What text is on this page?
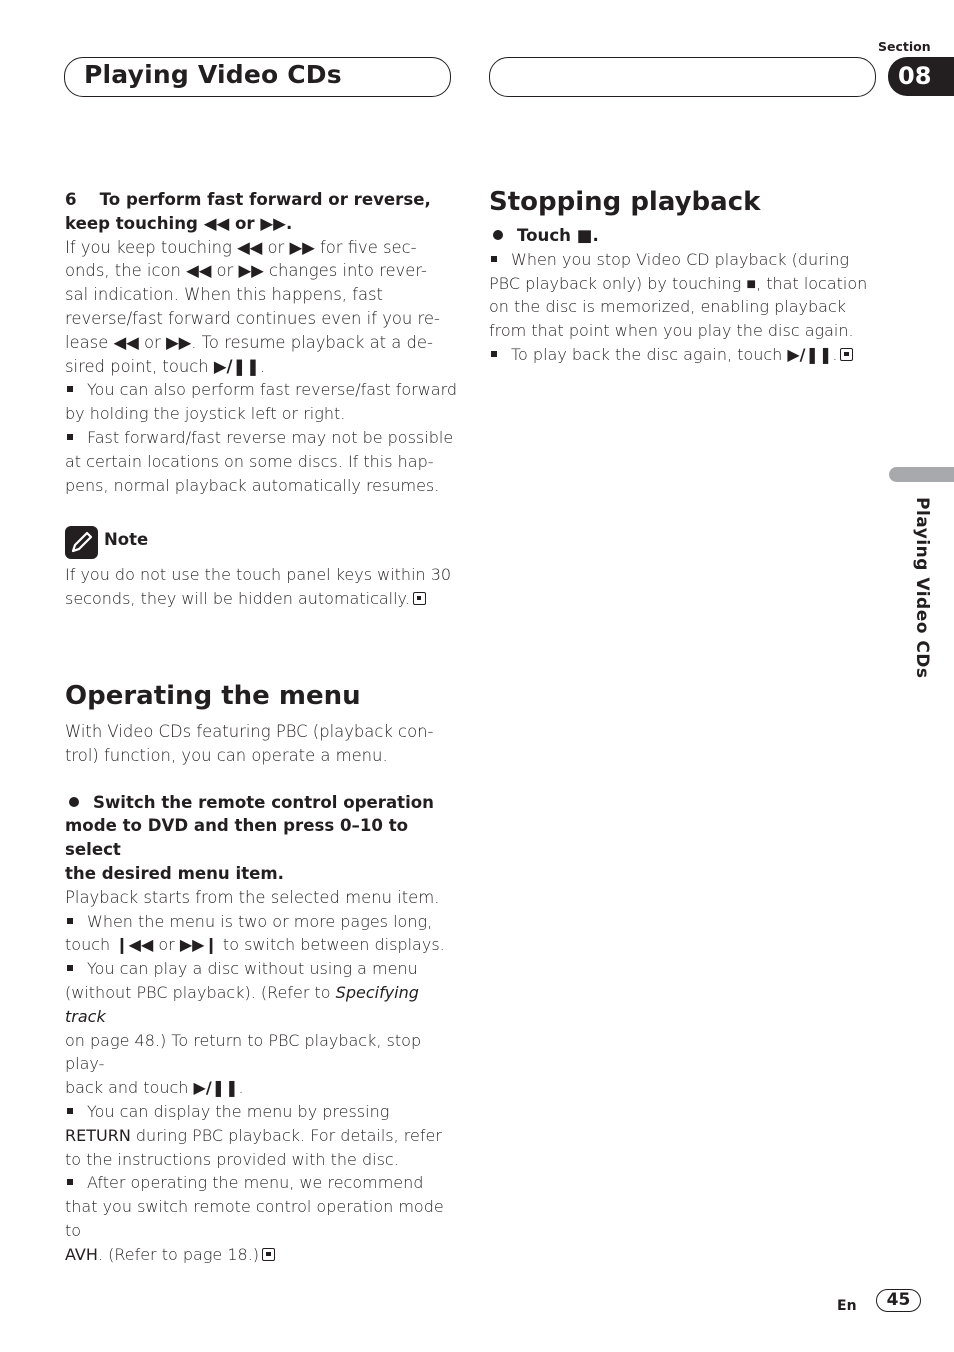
Playing Video CDs
Section
08
Playing Video CDs

6 To perform fast forward or reverse,

keep touching ◀◀ or ▶▶.

If you keep touching ◀◀ or ▶▶ for five sec-

onds, the icon ◀◀ or ▶▶ changes into rever-

sal indication. When this happens, fast

reverse/fast forward continues even if you re-

lease ◀◀ or ▶▶. To resume playback at a de-

sired point, touch ▶/❚❚.

You can also perform fast reverse/fast forward

by holding the joystick left or right.

Fast forward/fast reverse may not be possible

at certain locations on some discs. If this hap-

pens, normal playback automatically resumes.

Note

If you do not use the touch panel keys within 30

seconds, they will be hidden automatically.

Operating the menu

With Video CDs featuring PBC (playback con-

trol) function, you can operate a menu.

Switch the remote control operation

mode to DVD and then press 0–10 to select

the desired menu item.

Playback starts from the selected menu item.

When the menu is two or more pages long,

touch ❙◀◀ or ▶▶❙ to switch between displays.

You can play a disc without using a menu

(without PBC playback). (Refer to Specifying track

on page 48.) To return to PBC playback, stop play-

back and touch ▶/❚❚.

You can display the menu by pressing

RETURN during PBC playback. For details, refer

to the instructions provided with the disc.

After operating the menu, we recommend

that you switch remote control operation mode to

AVH. (Refer to page 18.)

Stopping playback

Touch ■.

When you stop Video CD playback (during

PBC playback only) by touching ■, that location

on the disc is memorized, enabling playback

from that point when you play the disc again.

To play back the disc again, touch ▶/❚❚.

En	45
